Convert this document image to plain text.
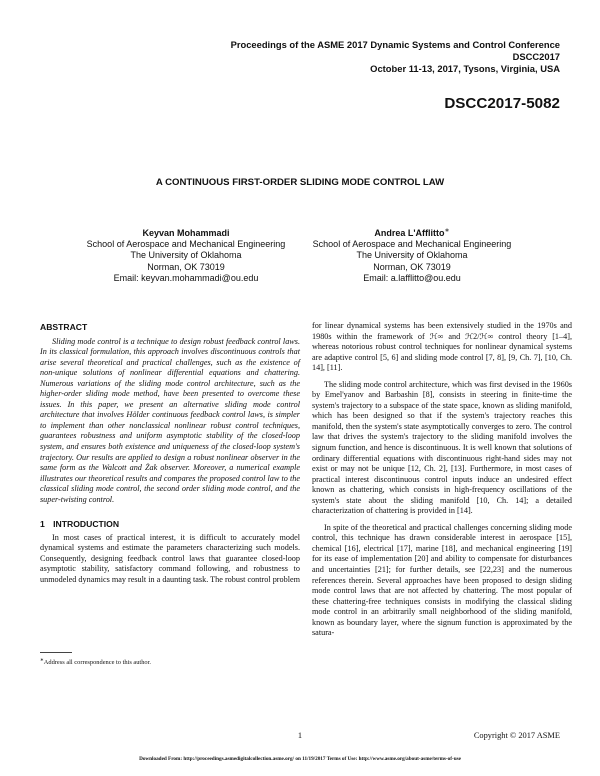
Proceedings of the ASME 2017 Dynamic Systems and Control Conference
DSCC2017
October 11-13, 2017, Tysons, Virginia, USA
DSCC2017-5082
A CONTINUOUS FIRST-ORDER SLIDING MODE CONTROL LAW
Keyvan Mohammadi
School of Aerospace and Mechanical Engineering
The University of Oklahoma
Norman, OK 73019
Email: keyvan.mohammadi@ou.edu
Andrea L'Afflitto∗
School of Aerospace and Mechanical Engineering
The University of Oklahoma
Norman, OK 73019
Email: a.lafflitto@ou.edu
ABSTRACT

Sliding mode control is a technique to design robust feedback control laws. In its classical formulation, this approach involves discontinuous controls that arise several theoretical and practical challenges, such as the existence of non-unique solutions of nonlinear differential equations and chattering. Numerous variations of the sliding mode control architecture, such as the higher-order sliding mode method, have been presented to overcome these issues. In this paper, we present an alternative sliding mode control architecture that involves Hölder continuous feedback control laws, is simpler to implement than other nonclassical nonlinear robust control techniques, guarantees robustness and uniform asymptotic stability of the closed-loop system, and ensures both existence and uniqueness of the closed-loop system's trajectory. Our results are applied to design a robust nonlinear observer in the same form as the Walcott and Żak observer. Moreover, a numerical example illustrates our theoretical results and compares the proposed control law to the classical sliding mode control, the second order sliding mode control, and the super-twisting control.

1 INTRODUCTION

In most cases of practical interest, it is difficult to accurately model dynamical systems and estimate the parameters characterizing such models. Consequently, designing feedback control laws that guarantee closed-loop asymptotic stability, satisfactory command following, and robustness to unmodeled dynamics may result in a daunting task. The robust control problem

for linear dynamical systems has been extensively studied in the 1970s and 1980s within the framework of ℋ∞ and ℋ2/ℋ∞ control theory [1–4], whereas notorious robust control techniques for nonlinear dynamical systems are adaptive control [5, 6] and sliding mode control [7, 8], [9, Ch. 7], [10, Ch. 14], [11].

The sliding mode control architecture, which was first devised in the 1960s by Emel'yanov and Barbashin [8], consists in steering in finite-time the system's trajectory to a subspace of the state space, known as sliding manifold, which has been designed so that if the system's trajectory reaches this manifold, then the system's state asymptotically converges to zero. The control law that drives the system's trajectory to the sliding manifold involves the signum function, and hence is discontinuous. It is well known that solutions of ordinary differential equations with discontinuous right-hand sides may not exist or may not be unique [12, Ch. 2], [13]. Furthermore, in most cases of practical interest discontinuous control inputs induce an undesired effect known as chattering, which consists in high-frequency oscillations of the system's state about the sliding manifold [10, Ch. 14]; a detailed characterization of chattering is provided in [14].

In spite of the theoretical and practical challenges concerning sliding mode control, this technique has drawn considerable interest in aerospace [15], chemical [16], electrical [17], marine [18], and mechanical engineering [19] for its ease of implementation [20] and ability to compensate for disturbances and uncertainties [21]; for further details, see [22,23] and the numerous references therein. Several approaches have been proposed to design sliding mode control laws that are not affected by chattering. The most popular of these chattering-free techniques consists in modifying the classical sliding mode control in an arbitrarily small neighborhood of the sliding manifold, known as boundary layer, where the signum function is approximated by the satura-

∗Address all correspondence to this author.
1	Copyright © 2017 ASME
Downloaded From: http://proceedings.asmedigitalcollection.asme.org/ on 11/19/2017 Terms of Use: http://www.asme.org/about-asme/terms-of-use
